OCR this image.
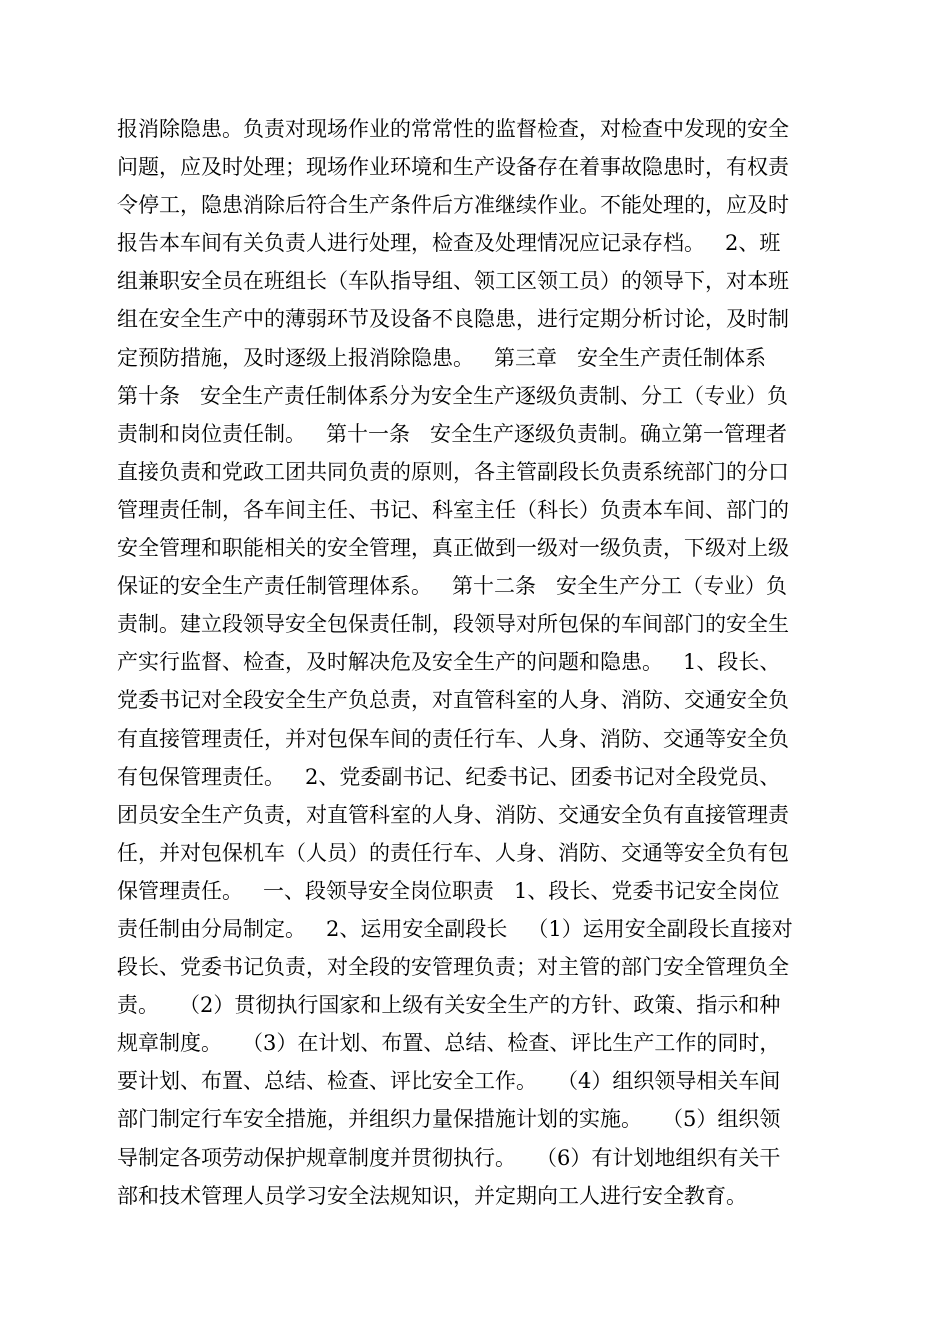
报消除隐患。负责对现场作业的常常性的监督检查，对检查中发现的安全
问题，应及时处理；现场作业环境和生产设备存在着事故隐患时，有权责
令停工，隐患消除后符合生产条件后方准继续作业。不能处理的，应及时
报告本车间有关负责人进行处理，检查及处理情况应记录存档。   2、班
组兼职安全员在班组长（车队指导组、领工区领工员）的领导下，对本班
组在安全生产中的薄弱环节及设备不良隐患，进行定期分析讨论，及时制
定预防措施，及时逐级上报消除隐患。   第三章   安全生产责任制体系
第十条   安全生产责任制体系分为安全生产逐级负责制、分工（专业）负
责制和岗位责任制。   第十一条   安全生产逐级负责制。确立第一管理者
直接负责和党政工团共同负责的原则，各主管副段长负责系统部门的分口
管理责任制，各车间主任、书记、科室主任（科长）负责本车间、部门的
安全管理和职能相关的安全管理，真正做到一级对一级负责，下级对上级
保证的安全生产责任制管理体系。   第十二条   安全生产分工（专业）负
责制。建立段领导安全包保责任制，段领导对所包保的车间部门的安全生
产实行监督、检查，及时解决危及安全生产的问题和隐患。   1、段长、
党委书记对全段安全生产负总责，对直管科室的人身、消防、交通安全负
有直接管理责任，并对包保车间的责任行车、人身、消防、交通等安全负
有包保管理责任。   2、党委副书记、纪委书记、团委书记对全段党员、
团员安全生产负责，对直管科室的人身、消防、交通安全负有直接管理责
任，并对包保机车（人员）的责任行车、人身、消防、交通等安全负有包
保管理责任。   一、段领导安全岗位职责   1、段长、党委书记安全岗位
责任制由分局制定。   2、运用安全副段长   （1）运用安全副段长直接对
段长、党委书记负责，对全段的安管理负责；对主管的部门安全管理负全
责。   （2）贯彻执行国家和上级有关安全生产的方针、政策、指示和种
规章制度。   （3）在计划、布置、总结、检查、评比生产工作的同时，
要计划、布置、总结、检查、评比安全工作。   （4）组织领导相关车间
部门制定行车安全措施，并组织力量保措施计划的实施。   （5）组织领
导制定各项劳动保护规章制度并贯彻执行。   （6）有计划地组织有关干
部和技术管理人员学习安全法规知识，并定期向工人进行安全教育。
